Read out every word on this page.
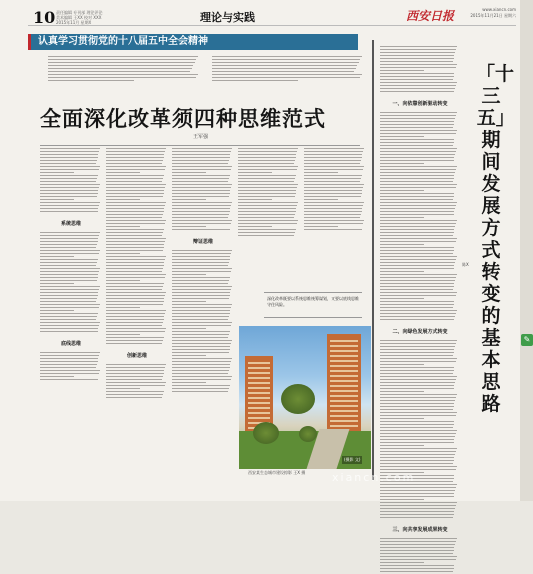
10 责任编辑 专刊部 理论评论
美术编辑 王XX 校对 XXX
2015年11月 星期X	理论与实践	西安日报	www.xiancn.com
2015年11月21日 星期六
认真学习贯彻党的十八届五中全会精神
全面深化改革须四种思维范式
王军强
系统思维
底线思维
创新思维
辩证思维
深化改革既要以系统思维统筹谋划，又要以底线思维守住风险。
(摄影 文)
西安某生态城市建设掠影 王X 摄
一、向依靠创新驱动转变
二、向绿色发展方式转变
三、向共享发展成果转变
「十三五」期间发展方式转变的基本思路
陈X
xiancn.com
✎
